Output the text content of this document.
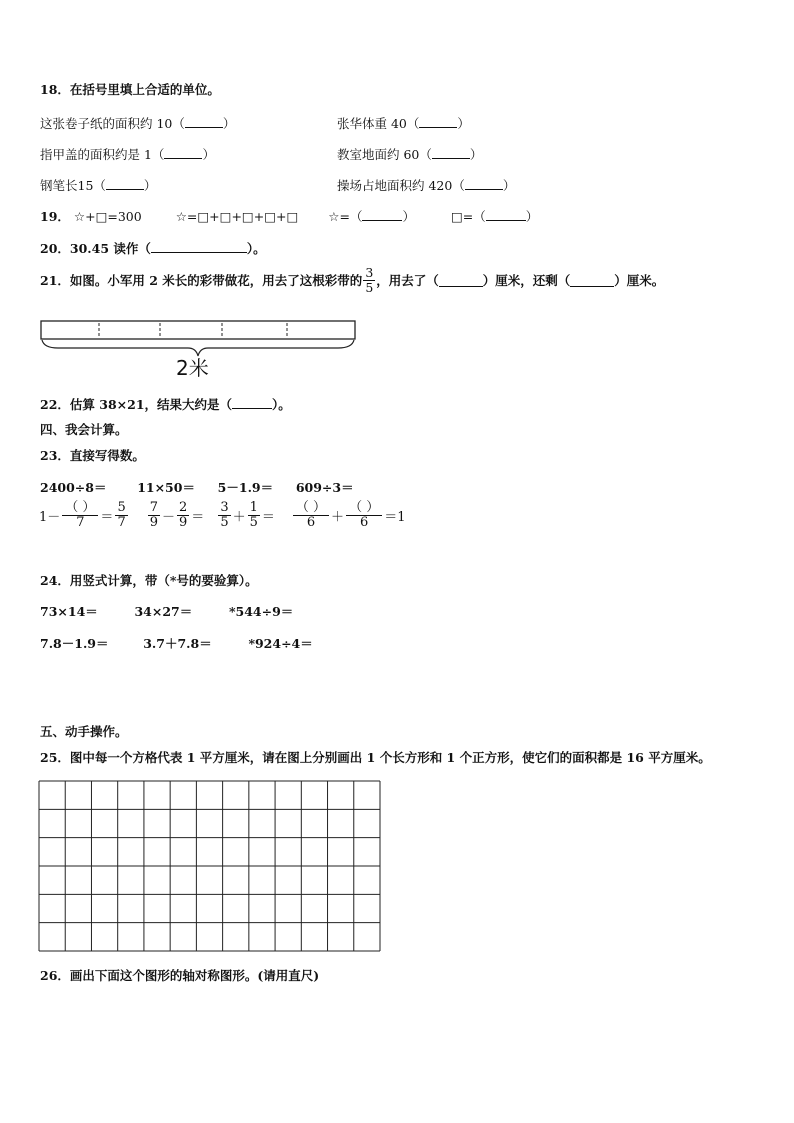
18．在括号里填上合适的单位。
这张卷子纸的面积约 10（	）	张华体重 40（	）
指甲盖的面积约是 1（	）	教室地面约 60（	）
钢笔长15（	）	操场占地面积约 420（	）
19． ☆+□=300	☆=□+□+□+□+□ ☆=（	）	□=（	）
20．30.45 读作（	）。
21．如图。小军用 2 米长的彩带做花，用去了这根彩带的 $\frac{3}{5}$ ，用去了（	）厘米，还剩（	）厘米。
2米
22．估算 38×21，结果大约是（	）。
四、我会计算。
23．直接写得数。
2400÷8＝ 11×50＝ 5－1.9＝ 609÷3＝
$1- \frac{( )}{7} = \frac{5}{7} \frac{7}{9} - \frac{2}{9} = \frac{3}{5} + \frac{1}{5} = \frac{( )}{6} + \frac{( )}{6} =1$
24．用竖式计算，带（*号的要验算）。
73×14＝	34×27＝	*544÷9＝
7.8－1.9＝	3.7＋7.8＝	*924÷4＝
五、动手操作。
25．图中每一个方格代表 1 平方厘米，请在图上分别画出 1 个长方形和 1 个正方形，使它们的面积都是 16 平方厘米。
26．画出下面这个图形的轴对称图形。(请用直尺)
